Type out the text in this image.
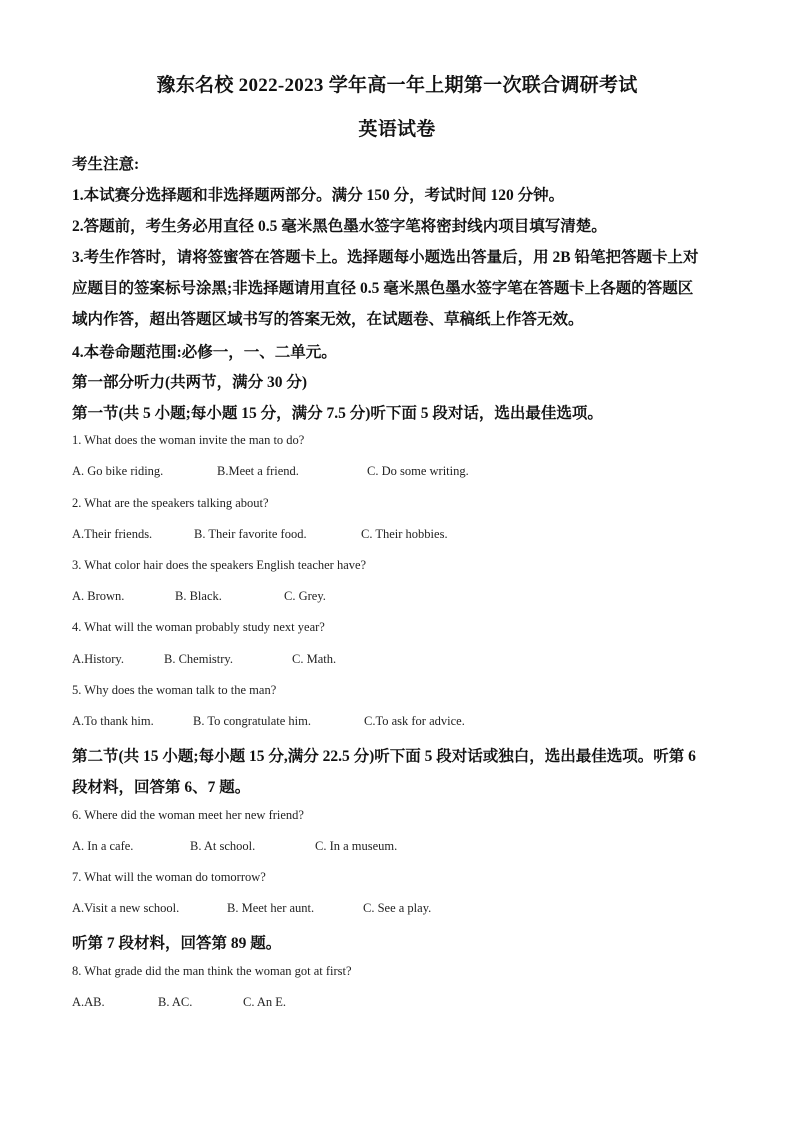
豫东名校 2022-2023 学年高一年上期第一次联合调研考试
英语试卷
考生注意:
1.本试赛分选择题和非选择题两部分。满分 150 分，考试时间 120 分钟。
2.答题前，考生务必用直径 0.5 毫米黑色墨水签字笔将密封线内项目填写清楚。
3.考生作答时，请将签蜜答在答题卡上。选择题每小题选出答量后，用 2B 铅笔把答题卡上对
应题目的签案标号涂黑;非选择题请用直径 0.5 毫米黑色墨水签字笔在答题卡上各题的答题区
域内作答，超出答题区域书写的答案无效，在试题卷、草稿纸上作答无效。
4.本卷命题范围:必修一，一、二单元。
第一部分听力(共两节，满分 30 分)
第一节(共 5 小题;每小题 15 分，满分 7.5 分)听下面 5 段对话，选出最佳选项。
1. What does the woman invite the man to do?
A. Go bike riding.	B.Meet a friend.	C. Do some writing.
2. What are the speakers talking about?
A.Their friends.	B. Their favorite food.	C. Their hobbies.
3. What color hair does the speakers English teacher have?
A. Brown.	B. Black.	C. Grey.
4. What will the woman probably study next year?
A.History.	B. Chemistry.	C. Math.
5. Why does the woman talk to the man?
A.To thank him.	B. To congratulate him.	C.To ask for advice.
第二节(共 15 小题;每小题 15 分,满分 22.5 分)听下面 5 段对话或独白，选出最佳选项。听第 6
段材料，回答第 6、7 题。
6. Where did the woman meet her new friend?
A. In a cafe.	B. At school.	C. In a museum.
7. What will the woman do tomorrow?
A.Visit a new school.	B. Meet her aunt.	C. See a play.
听第 7 段材料，回答第 89 题。
8. What grade did the man think the woman got at first?
A.AB.	B. AC.	C. An E.
